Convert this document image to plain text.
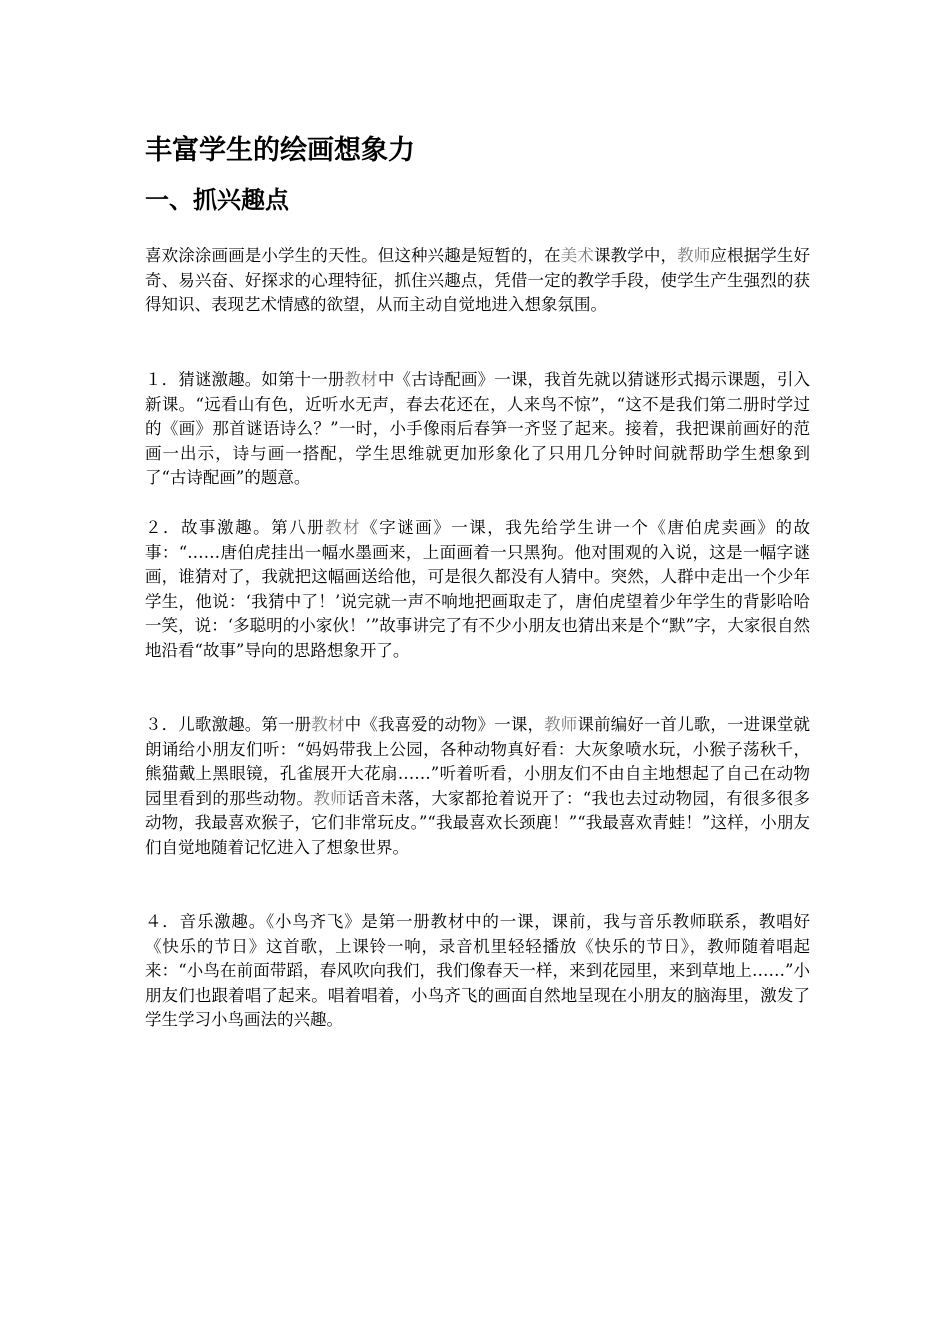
丰富学生的绘画想象力
一、抓兴趣点

喜欢涂涂画画是小学生的天性。但这种兴趣是短暂的，在美术课教学中，教师应根据学生好奇、易兴奋、好探求的心理特征，抓住兴趣点，凭借一定的教学手段，使学生产生强烈的获得知识、表现艺术情感的欲望，从而主动自觉地进入想象氛围。

１．猜谜激趣。如第十一册教材中《古诗配画》一课，我首先就以猜谜形式揭示课题，引入新课。“远看山有色，近听水无声，春去花还在，人来鸟不惊”，“这不是我们第二册时学过的《画》那首谜语诗么？”一时，小手像雨后春笋一齐竖了起来。接着，我把课前画好的范画一出示，诗与画一搭配，学生思维就更加形象化了只用几分钟时间就帮助学生想象到了“古诗配画”的题意。

２．故事激趣。第八册教材《字谜画》一课，我先给学生讲一个《唐伯虎卖画》的故事：“……唐伯虎挂出一幅水墨画来，上面画着一只黑狗。他对围观的入说，这是一幅字谜画，谁猜对了，我就把这幅画送给他，可是很久都没有人猜中。突然，人群中走出一个少年学生，他说：‘我猜中了！’说完就一声不响地把画取走了，唐伯虎望着少年学生的背影哈哈一笑，说：‘多聪明的小家伙！’”故事讲完了有不少小朋友也猜出来是个“默”字，大家很自然地沿看“故事”导向的思路想象开了。

３．儿歌激趣。第一册教材中《我喜爱的动物》一课，教师课前编好一首儿歌，一进课堂就朗诵给小朋友们听：“妈妈带我上公园，各种动物真好看：大灰象喷水玩，小猴子荡秋千，熊猫戴上黑眼镜，孔雀展开大花扇……”听着听看，小朋友们不由自主地想起了自己在动物园里看到的那些动物。教师话音未落，大家都抢着说开了：“我也去过动物园，有很多很多动物，我最喜欢猴子，它们非常玩皮。”“我最喜欢长颈鹿！”“我最喜欢青蛙！”这样，小朋友们自觉地随着记忆进入了想象世界。

４．音乐激趣。《小鸟齐飞》是第一册教材中的一课，课前，我与音乐教师联系，教唱好《快乐的节日》这首歌，上课铃一响，录音机里轻轻播放《快乐的节日》，教师随着唱起来：“小鸟在前面带蹈，春风吹向我们，我们像春天一样，来到花园里，来到草地上……”小朋友们也跟着唱了起来。唱着唱着，小鸟齐飞的画面自然地呈现在小朋友的脑海里，激发了学生学习小鸟画法的兴趣。
